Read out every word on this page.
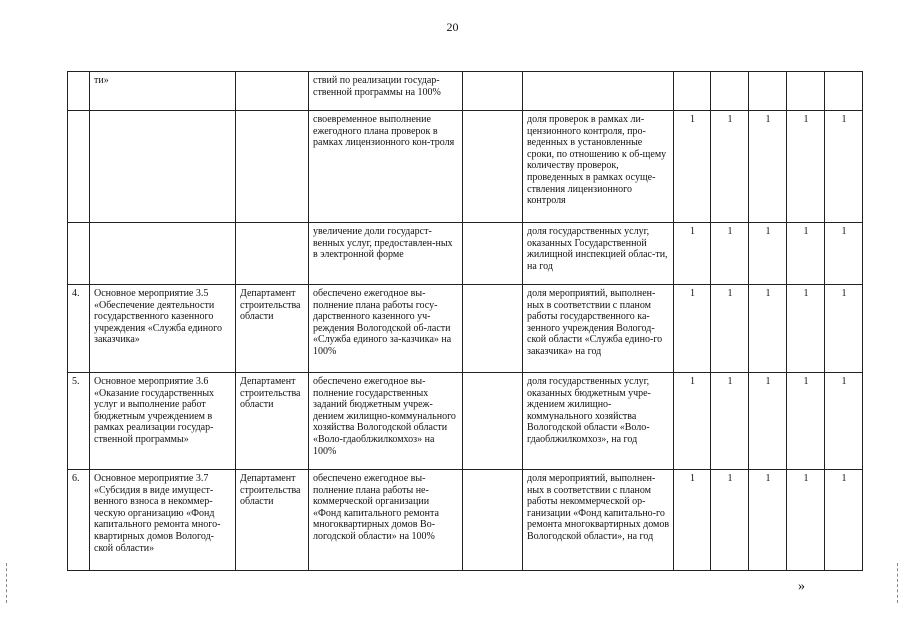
20
	ти»		ствий по реализации государ-ственной программы на 100%							
			своевременное выполнение ежегодного плана проверок в рамках лицензионного кон-троля		доля проверок в рамках ли-цензионного контроля, про-веденных в установленные сроки, по отношению к об-щему количеству проверок, проведенных в рамках осуще-ствления лицензионного контроля	1	1	1	1	1
			увеличение доли государст-венных услуг, предоставлен-ных в электронной форме		доля государственных услуг, оказанных Государственной жилищной инспекцией облас-ти, на год	1	1	1	1	1
4.	Основное мероприятие 3.5 «Обеспечение деятельности государственного казенного учреждения «Служба единого заказчика»	Департамент строительства области	обеспечено ежегодное вы-полнение плана работы госу-дарственного казенного уч-реждения Вологодской об-ласти «Служба единого за-казчика» на 100%		доля мероприятий, выполнен-ных в соответствии с планом работы государственного ка-зенного учреждения Вологод-ской области «Служба едино-го заказчика» на год	1	1	1	1	1
5.	Основное мероприятие 3.6 «Оказание государственных услуг и выполнение работ бюджетным учреждением в рамках реализации государ-ственной программы»	Департамент строительства области	обеспечено ежегодное вы-полнение государственных заданий бюджетным учреж-дением жилищно-коммунального хозяйства Вологодской области «Воло-гдаоблжилкомхоз» на 100%		доля государственных услуг, оказанных бюджетным учре-ждением жилищно-коммунального хозяйства Вологодской области «Воло-гдаоблжилкомхоз», на год	1	1	1	1	1
6.	Основное мероприятие 3.7 «Субсидия в виде имущест-венного взноса в некоммер-ческую организацию «Фонд капитального ремонта много-квартирных домов Вологод-ской области»	Департамент строительства области	обеспечено ежегодное вы-полнение плана работы не-коммерческой организации «Фонд капитального ремонта многоквартирных домов Во-логодской области» на 100%		доля мероприятий, выполнен-ных в соответствии с планом работы некоммерческой ор-ганизации «Фонд капитально-го ремонта многоквартирных домов Вологодской области», на год	1	1	1	1	1
»
